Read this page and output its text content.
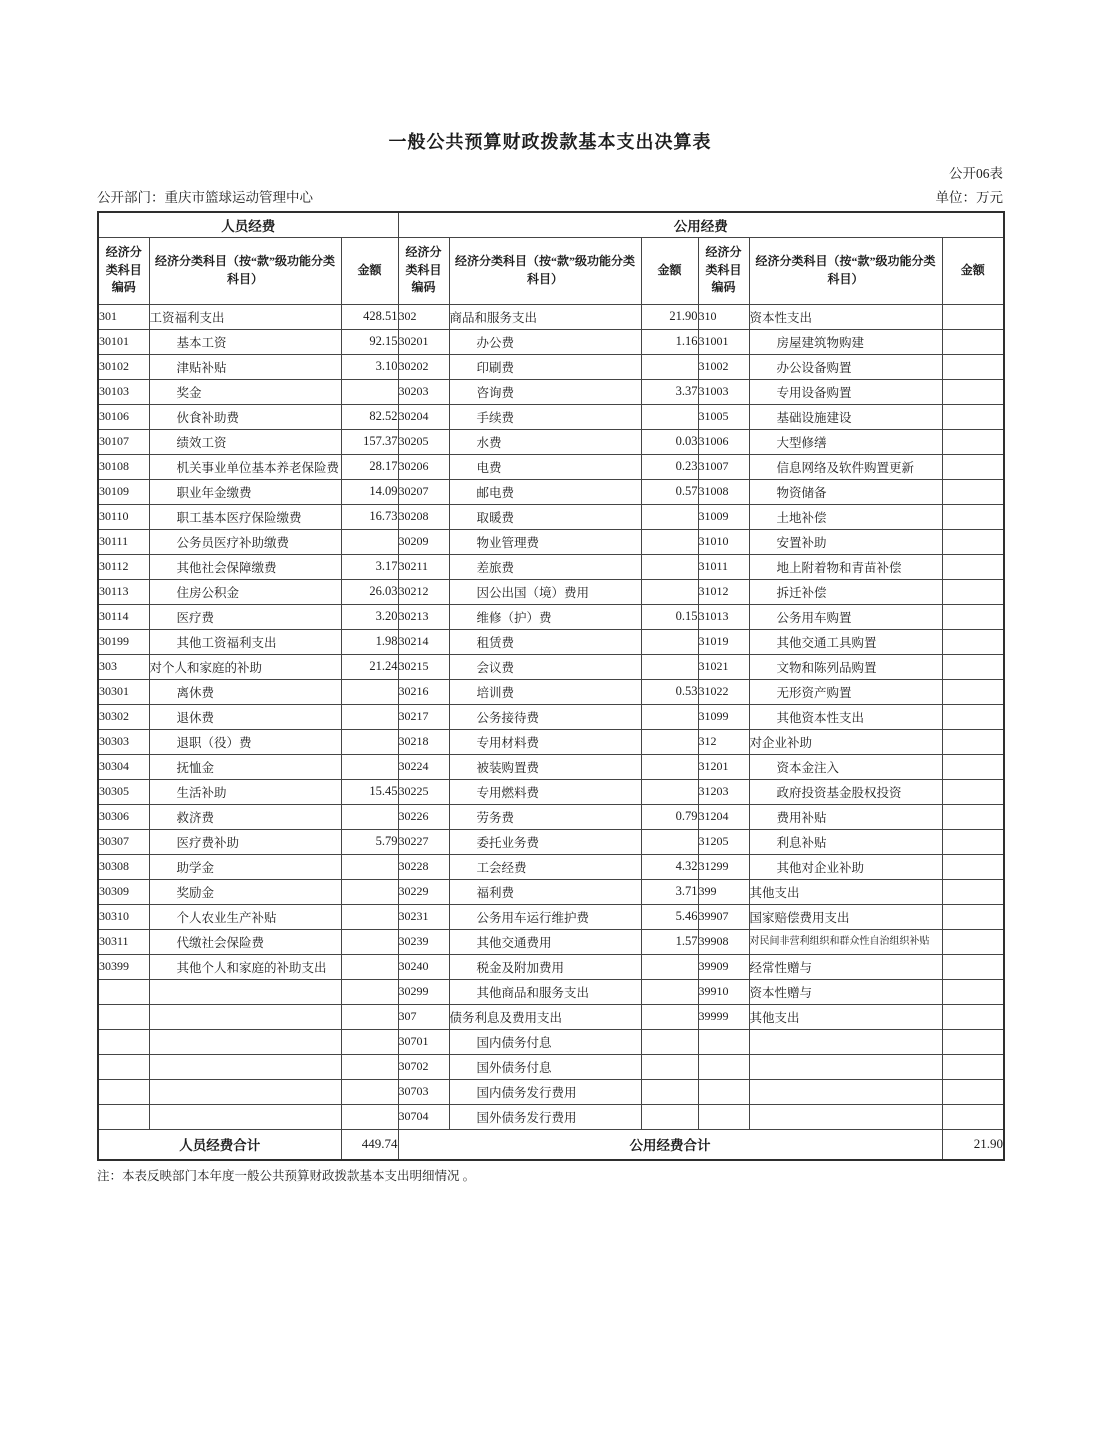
一般公共预算财政拨款基本支出决算表
公开06表
公开部门：重庆市篮球运动管理中心	单位：万元
人员经费			公用经费					
经济分类科目编码	经济分类科目（按“款”级功能分类科目）	金额	经济分类科目编码	经济分类科目（按“款”级功能分类科目）	金额	经济分类科目编码	经济分类科目（按“款”级功能分类科目）	金额
301	工资福利支出	428.51	302	商品和服务支出	21.90	310	资本性支出	
30101	基本工资	92.15	30201	办公费	1.16	31001	房屋建筑物购建	
30102	津贴补贴	3.10	30202	印刷费		31002	办公设备购置	
30103	奖金		30203	咨询费	3.37	31003	专用设备购置	
30106	伙食补助费	82.52	30204	手续费		31005	基础设施建设	
30107	绩效工资	157.37	30205	水费	0.03	31006	大型修缮	
30108	机关事业单位基本养老保险费	28.17	30206	电费	0.23	31007	信息网络及软件购置更新	
30109	职业年金缴费	14.09	30207	邮电费	0.57	31008	物资储备	
30110	职工基本医疗保险缴费	16.73	30208	取暖费		31009	土地补偿	
30111	公务员医疗补助缴费		30209	物业管理费		31010	安置补助	
30112	其他社会保障缴费	3.17	30211	差旅费		31011	地上附着物和青苗补偿	
30113	住房公积金	26.03	30212	因公出国（境）费用		31012	拆迁补偿	
30114	医疗费	3.20	30213	维修（护）费	0.15	31013	公务用车购置	
30199	其他工资福利支出	1.98	30214	租赁费		31019	其他交通工具购置	
303	对个人和家庭的补助	21.24	30215	会议费		31021	文物和陈列品购置	
30301	离休费		30216	培训费	0.53	31022	无形资产购置	
30302	退休费		30217	公务接待费		31099	其他资本性支出	
30303	退职（役）费		30218	专用材料费		312	对企业补助	
30304	抚恤金		30224	被装购置费		31201	资本金注入	
30305	生活补助	15.45	30225	专用燃料费		31203	政府投资基金股权投资	
30306	救济费		30226	劳务费	0.79	31204	费用补贴	
30307	医疗费补助	5.79	30227	委托业务费		31205	利息补贴	
30308	助学金		30228	工会经费	4.32	31299	其他对企业补助	
30309	奖励金		30229	福利费	3.71	399	其他支出	
30310	个人农业生产补贴		30231	公务用车运行维护费	5.46	39907	国家赔偿费用支出	
30311	代缴社会保险费		30239	其他交通费用	1.57	39908	对民间非营利组织和群众性自治组织补贴	
30399	其他个人和家庭的补助支出		30240	税金及附加费用		39909	经常性赠与	
			30299	其他商品和服务支出		39910	资本性赠与	
			307	债务利息及费用支出		39999	其他支出	
			30701	国内债务付息				
			30702	国外债务付息				
			30703	国内债务发行费用				
			30704	国外债务发行费用				
人员经费合计		449.74	公用经费合计					21.90
注：本表反映部门本年度一般公共预算财政拨款基本支出明细情况 。
